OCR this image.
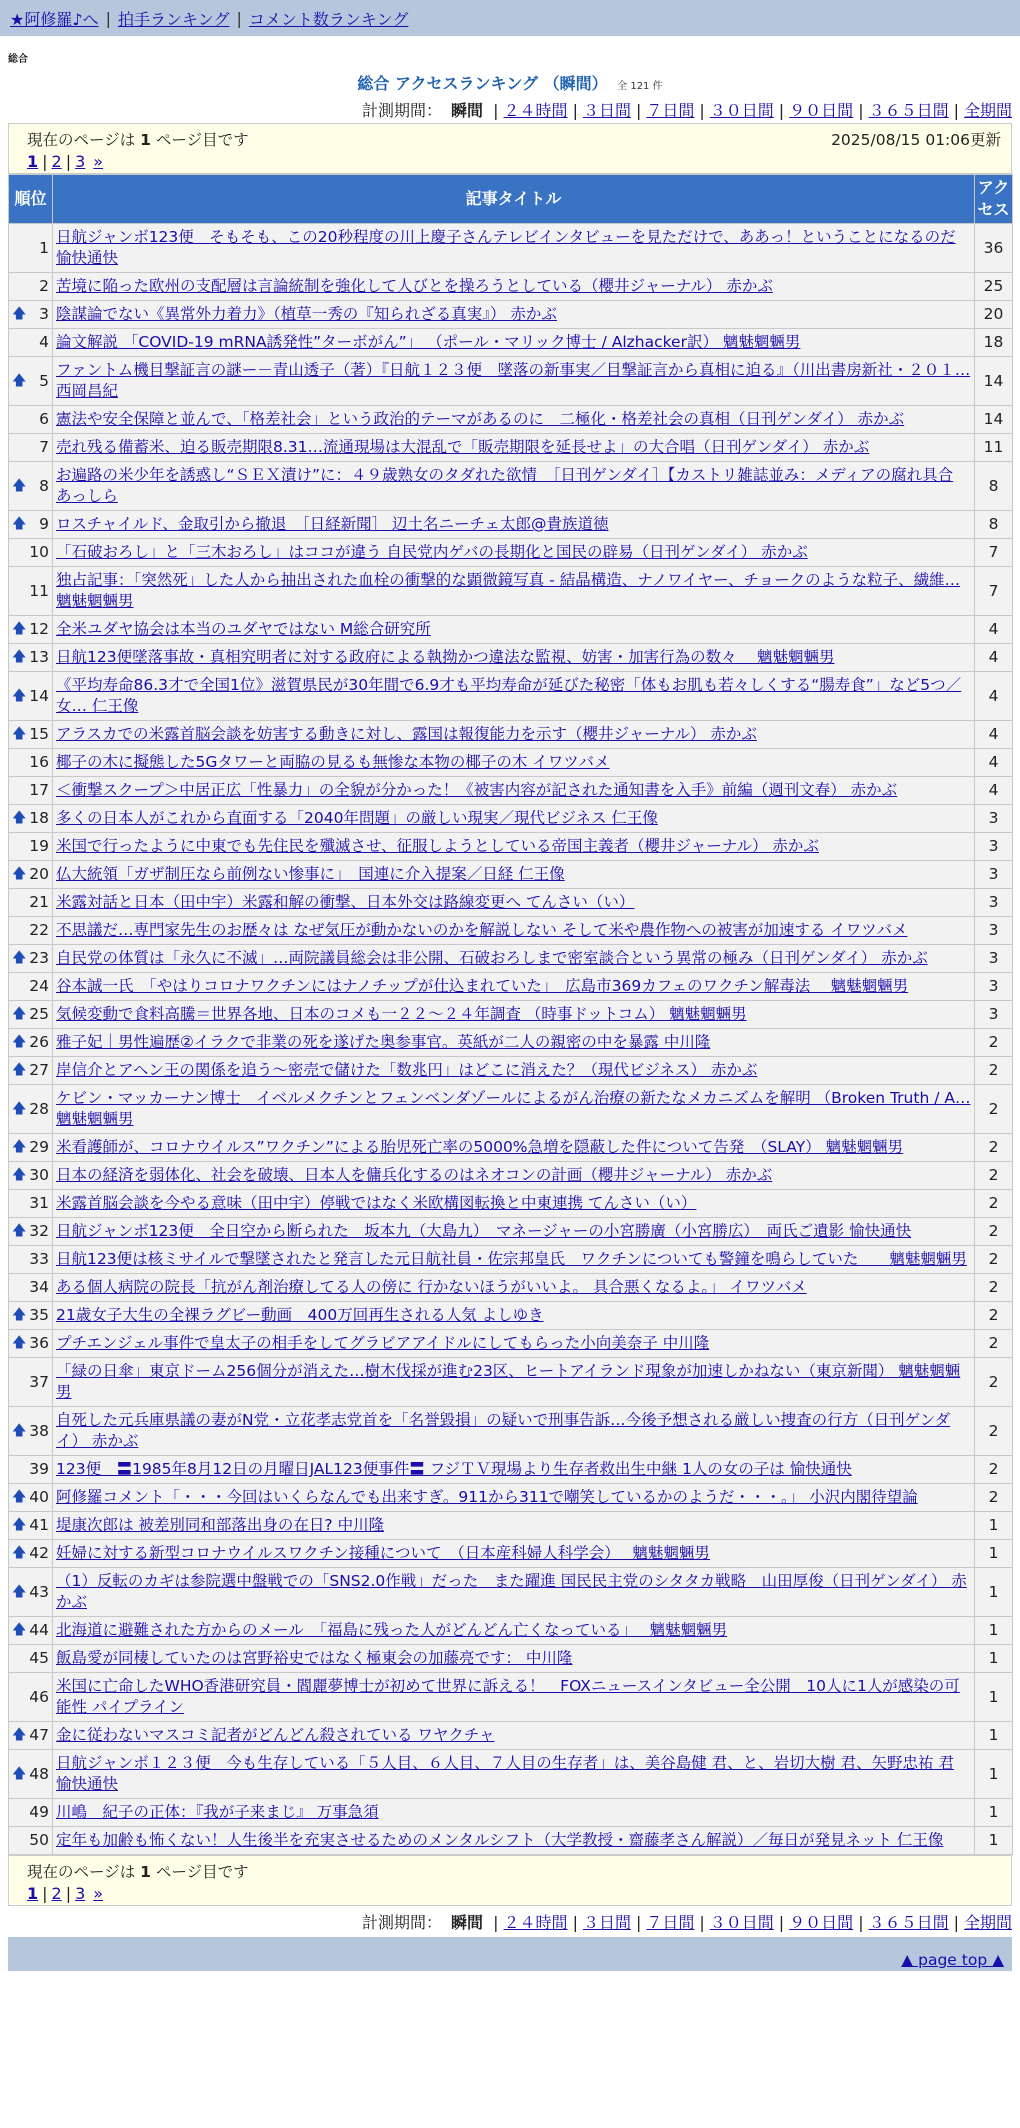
★阿修羅♪へ | 拍手ランキング | コメント数ランキング
総合
総合 アクセスランキング （瞬間） 全 121 件
計測期間： 瞬間 | ２４時間 | ３日間 | ７日間 | ３０日間 | ９０日間 | ３６５日間 | 全期間
現在のページは 1 ページ目です	2025/08/15 01:06更新
1 | 2 | 3 »
順位	記事タイトル	アクセス
1	日航ジャンボ123便　そもそも、この20秒程度の川上慶子さんテレビインタビューを見ただけで、ああっ！ということになるのだ 愉快通快	36
2	苦境に陥った欧州の支配層は言論統制を強化して人びとを操ろうとしている（櫻井ジャーナル） 赤かぶ	25

🡅 3	陰謀論でない《異常外力着力》（植草一秀の『知られざる真実』） 赤かぶ	20
4	論文解説 「COVID-19 mRNA誘発性”ターボがん”」 （ポール・マリック博士 / Alzhacker訳） 魑魅魍魎男	18

🡅 5	ファントム機目撃証言の謎ー－青山透子（著）『日航１２３便　墜落の新事実／目撃証言から真相に迫る』（川出書房新社・２０１… 西岡昌紀	14
6	憲法や安全保障と並んで、「格差社会」という政治的テーマがあるのに　二極化・格差社会の真相（日刊ゲンダイ） 赤かぶ	14
7	売れ残る備蓄米、迫る販売期限8.31…流通現場は大混乱で「販売期限を延長せよ」の大合唱（日刊ゲンダイ） 赤かぶ	11

🡅 8	お遍路の米少年を誘惑し“ＳＥＸ漬け”に：４９歳熟女のタダれた欲情　［日刊ゲンダイ］【カストリ雑誌並み：メディアの腐れ具合 あっしら	8

🡅 9	ロスチャイルド、金取引から撤退　［日経新聞］ 辺土名ニーチェ太郎@貴族道徳	8
10	「石破おろし」と「三木おろし」はココが違う 自民党内ゲバの長期化と国民の辟易（日刊ゲンダイ） 赤かぶ	7
11	独占記事：「突然死」した人から抽出された血栓の衝撃的な顕微鏡写真 - 結晶構造、ナノワイヤー、チョークのような粒子、繊維… 魑魅魍魎男	7

🡅 12	全米ユダヤ協会は本当のユダヤではない M総合研究所	4

🡅 13	日航123便墜落事故・真相究明者に対する政府による執拗かつ違法な監視、妨害・加害行為の数々　 魑魅魍魎男	4

🡅 14	《平均寿命86.3才で全国1位》滋賀県民が30年間で6.9才も平均寿命が延びた秘密「体もお肌も若々しくする“腸寿食”」など5つ／女… 仁王像	4

🡅 15	アラスカでの米露首脳会談を妨害する動きに対し、露国は報復能力を示す（櫻井ジャーナル） 赤かぶ	4
16	椰子の木に擬態した5Gタワーと両脇の見るも無惨な本物の椰子の木 イワツバメ	4
17	＜衝撃スクープ＞中居正広「性暴力」の全貌が分かった！《被害内容が記された通知書を入手》前編（週刊文春） 赤かぶ	4

🡅 18	多くの日本人がこれから直面する「2040年問題」の厳しい現実／現代ビジネス 仁王像	3
19	米国で行ったように中東でも先住民を殲滅させ、征服しようとしている帝国主義者（櫻井ジャーナル） 赤かぶ	3

🡅 20	仏大統領「ガザ制圧なら前例ない惨事に」　国連に介入提案／日経 仁王像	3
21	米露対話と日本（田中宇）米露和解の衝撃、日本外交は路線変更へ てんさい（い）	3
22	不思議だ…専門家先生のお歴々は なぜ気圧が動かないのかを解説しない そして米や農作物への被害が加速する イワツバメ	3

🡅 23	自民党の体質は「永久に不滅」…両院議員総会は非公開、石破おろしまで密室談合という異常の極み（日刊ゲンダイ） 赤かぶ	3
24	谷本誠一氏　「やはりコロナワクチンにはナノチップが仕込まれていた」　広島市369カフェのワクチン解毒法　 魑魅魍魎男	3

🡅 25	気候変動で食料高騰＝世界各地、日本のコメも一２２～２４年調査 （時事ドットコム） 魑魅魍魎男	3

🡅 26	雅子妃｜男性遍歴②イラクで非業の死を遂げた奥参事官。英紙が二人の親密の中を暴露 中川隆	2

🡅 27	岸信介とアヘン王の関係を追う～密売で儲けた「数兆円」はどこに消えた？（現代ビジネス） 赤かぶ	2

🡅 28	ケビン・マッカーナン博士　イベルメクチンとフェンベンダゾールによるがん治療の新たなメカニズムを解明 （Broken Truth / A… 魑魅魍魎男	2

🡅 29	米看護師が、コロナウイルス”ワクチン”による胎児死亡率の5000%急増を隠蔽した件について告発　（SLAY） 魑魅魍魎男	2

🡅 30	日本の経済を弱体化、社会を破壊、日本人を傭兵化するのはネオコンの計画（櫻井ジャーナル） 赤かぶ	2
31	米露首脳会談を今やる意味（田中宇）停戦ではなく米欧構図転換と中東連携 てんさい（い）	2

🡅 32	日航ジャンボ123便　全日空から断られた　坂本九（大島九）　マネージャーの小宮勝廣（小宮勝広）　両氏ご遺影 愉快通快	2
33	日航123便は核ミサイルで撃墜されたと発言した元日航社員・佐宗邦皇氏　ワクチンについても警鐘を鳴らしていた　　魑魅魍魎男	2
34	ある個人病院の院長「抗がん剤治療してる人の傍に 行かないほうがいいよ。 具合悪くなるよ。」 イワツバメ	2

🡅 35	21歳女子大生の全裸ラグビー動画　400万回再生される人気 よしゆき	2

🡅 36	プチエンジェル事件で皇太子の相手をしてグラビアアイドルにしてもらった小向美奈子 中川隆	2
37	「緑の日傘」東京ドーム256個分が消えた…樹木伐採が進む23区、ヒートアイランド現象が加速しかねない（東京新聞） 魑魅魍魎男	2

🡅 38	自死した元兵庫県議の妻がN党・立花孝志党首を「名誉毀損」の疑いで刑事告訴…今後予想される厳しい捜査の行方（日刊ゲンダイ） 赤かぶ	2
39	123便　〓1985年8月12日の月曜日JAL123便事件〓 フジＴＶ現場より生存者救出生中継 1人の女の子は 愉快通快	2

🡅 40	阿修羅コメント「・・・今回はいくらなんでも出来すぎ。911から311で嘲笑しているかのようだ・・・。」 小沢内閣待望論	2

🡅 41	堤康次郎は 被差別同和部落出身の在日? 中川隆	1

🡅 42	妊婦に対する新型コロナウイルスワクチン接種について　（日本産科婦人科学会）　 魑魅魍魎男	1

🡅 43	（1）反転のカギは参院選中盤戦での「SNS2.0作戦」だった　また躍進 国民民主党のシタタカ戦略　山田厚俊（日刊ゲンダイ） 赤かぶ	1

🡅 44	北海道に避難された方からのメール　「福島に残った人がどんどん亡くなっている」　 魑魅魍魎男	1
45	飯島愛が同棲していたのは宮野裕史ではなく極東会の加藤亮です： 中川隆	1
46	米国に亡命したWHO香港研究員・閻麗夢博士が初めて世界に訴える！　FOXニュースインタビュー全公開　10人に1人が感染の可能性 パイプライン	1

🡅 47	金に従わないマスコミ記者がどんどん殺されている ワヤクチャ	1

🡅 48	日航ジャンボ１２３便　今も生存している「５人目、６人目、７人目の生存者」は、美谷島健 君、と、岩切大樹 君、矢野忠祐 君 愉快通快	1
49	川嶋　紀子の正体：『我が子来まじ』 万事急須	1
50	定年も加齢も怖くない！人生後半を充実させるためのメンタルシフト（大学教授・齋藤孝さん解説）／毎日が発見ネット 仁王像	1
現在のページは 1 ページ目です
1 | 2 | 3 »
計測期間： 瞬間 | ２４時間 | ３日間 | ７日間 | ３０日間 | ９０日間 | ３６５日間 | 全期間
▲ page top ▲
